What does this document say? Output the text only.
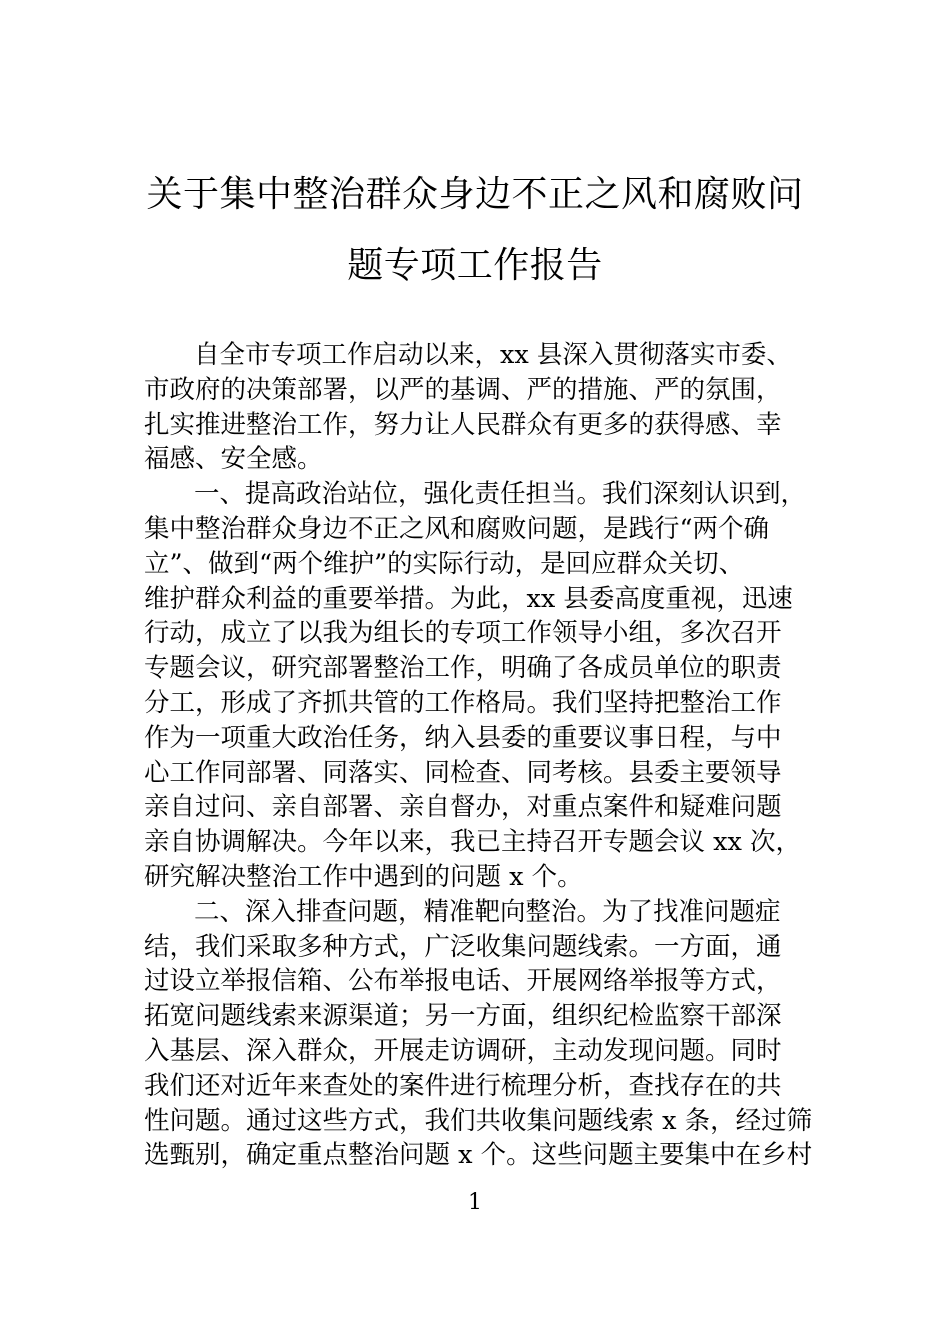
关于集中整治群众身边不正之风和腐败问
题专项工作报告
自全市专项工作启动以来，xx 县深入贯彻落实市委、
市政府的决策部署，以严的基调、严的措施、严的氛围，
扎实推进整治工作，努力让人民群众有更多的获得感、幸
福感、安全感。
一、提高政治站位，强化责任担当。我们深刻认识到，
集中整治群众身边不正之风和腐败问题，是践行“两个确
立”、做到“两个维护”的实际行动，是回应群众关切、
维护群众利益的重要举措。为此，xx 县委高度重视，迅速
行动，成立了以我为组长的专项工作领导小组，多次召开
专题会议，研究部署整治工作，明确了各成员单位的职责
分工，形成了齐抓共管的工作格局。我们坚持把整治工作
作为一项重大政治任务，纳入县委的重要议事日程，与中
心工作同部署、同落实、同检查、同考核。县委主要领导
亲自过问、亲自部署、亲自督办，对重点案件和疑难问题
亲自协调解决。今年以来，我已主持召开专题会议 xx 次，
研究解决整治工作中遇到的问题 x 个。
二、深入排查问题，精准靶向整治。为了找准问题症
结，我们采取多种方式，广泛收集问题线索。一方面，通
过设立举报信箱、公布举报电话、开展网络举报等方式，
拓宽问题线索来源渠道；另一方面，组织纪检监察干部深
入基层、深入群众，开展走访调研，主动发现问题。同时
我们还对近年来查处的案件进行梳理分析，查找存在的共
性问题。通过这些方式，我们共收集问题线索 x 条，经过筛
选甄别，确定重点整治问题 x 个。这些问题主要集中在乡村
1
